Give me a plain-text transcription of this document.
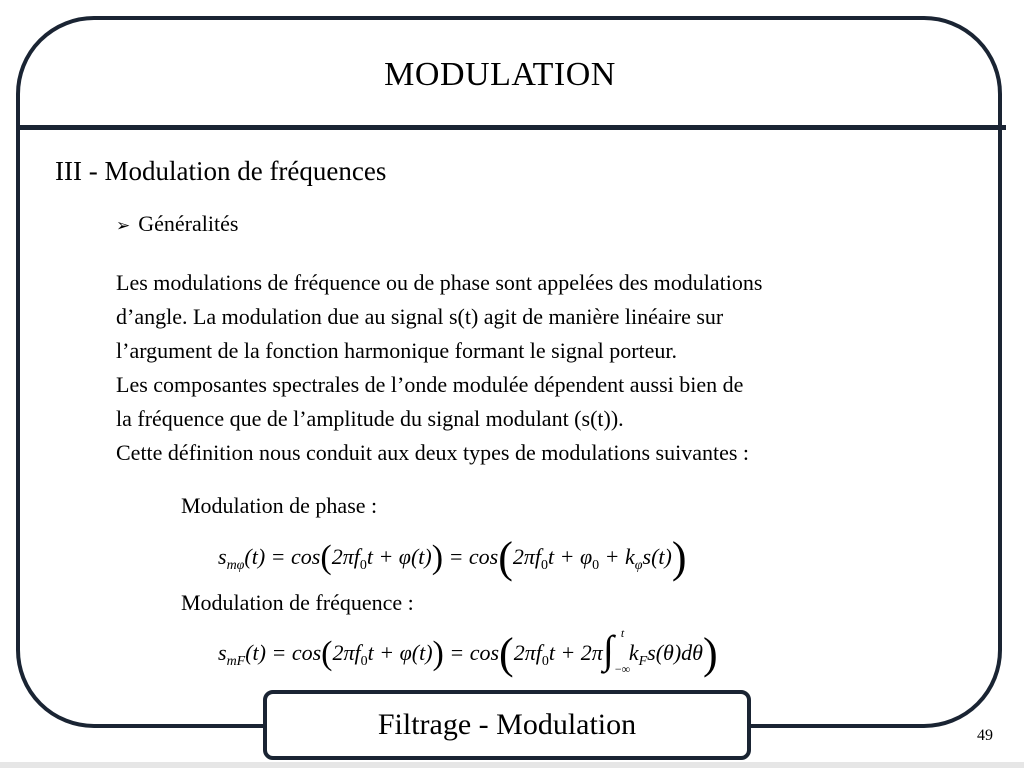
MODULATION
III - Modulation de fréquences
➢ Généralités
Les modulations de fréquence ou de phase sont appelées des modulations
d’angle. La modulation due au signal s(t) agit de manière linéaire sur
l’argument de la fonction harmonique formant le signal porteur.
Les composantes spectrales de l’onde modulée dépendent aussi bien de
la fréquence que de l’amplitude du signal modulant (s(t)).
Cette définition nous conduit aux deux types de modulations suivantes :
Modulation de phase :
$s_{m\varphi}(t) = \cos(2\pi f_0t + \varphi(t)) = \cos(2\pi f_0t + \varphi_0 + k_\varphi s(t))$
Modulation de fréquence :
$s_{mF}(t) = \cos(2\pi f_0t + \varphi(t)) = \cos(2\pi f_0t + 2\pi$ ∫ t
−∞
$k_Fs(\theta)d\theta$)
Filtrage - Modulation	49
